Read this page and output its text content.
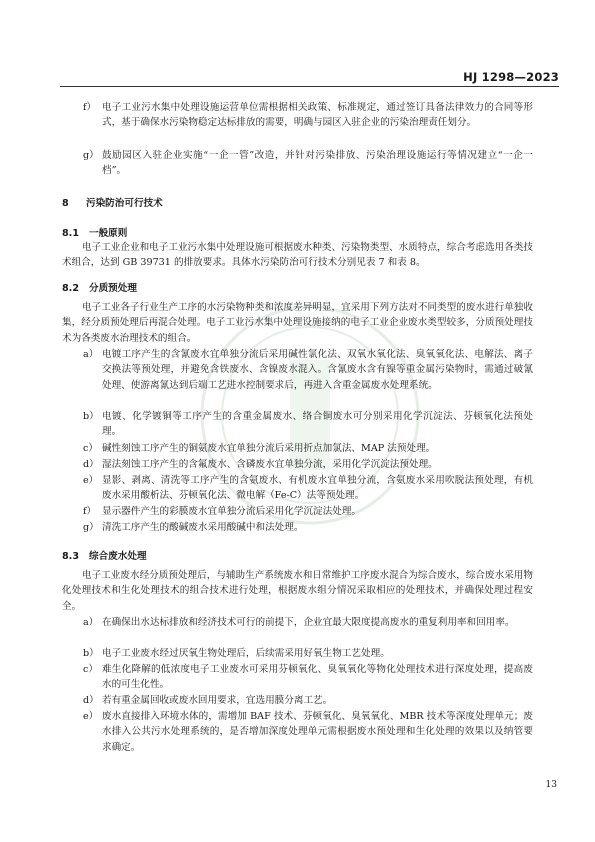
HJ 1298—2023
f） 电子工业污水集中处理设施运营单位需根据相关政策、标准规定，通过签订具备法律效力的合同等形式，基于确保水污染物稳定达标排放的需要，明确与园区入驻企业的污染治理责任划分。
g） 鼓励园区入驻企业实施“一企一管”改造，并针对污染排放、污染治理设施运行等情况建立“一企一档”。
8 污染防治可行技术
8.1 一般原则
电子工业企业和电子工业污水集中处理设施可根据废水种类、污染物类型、水质特点，综合考虑选用各类技术组合，达到 GB 39731 的排放要求。具体水污染防治可行技术分别见表 7 和表 8。
8.2 分质预处理
电子工业各子行业生产工序的水污染物种类和浓度差异明显，宜采用下列方法对不同类型的废水进行单独收集，经分质预处理后再混合处理。电子工业污水集中处理设施接纳的电子工业企业废水类型较多，分质预处理技术为各类废水治理技术的组合。
a） 电镀工序产生的含氰废水宜单独分流后采用碱性氯化法、双氧水氧化法、臭氧氧化法、电解法、离子交换法等预处理，并避免含铁废水、含镍废水混入。含氰废水含有镍等重金属污染物时，需通过破氰处理、使游离氰达到后端工艺进水控制要求后，再进入含重金属废水处理系统。
b） 电镀、化学镀铜等工序产生的含重金属废水、络合铜废水可分别采用化学沉淀法、芬顿氧化法预处理。
c） 碱性刻蚀工序产生的铜氨废水宜单独分流后采用折点加氯法、MAP 法预处理。
d） 湿法刻蚀工序产生的含氟废水、含磷废水宜单独分流，采用化学沉淀法预处理。
e） 显影、剥离、清洗等工序产生的含氨废水、有机废水宜单独分流，含氨废水采用吹脱法预处理，有机废水采用酸析法、芬顿氧化法、微电解（Fe-C）法等预处理。
f） 显示器件产生的彩膜废水宜单独分流后采用化学沉淀法处理。
g） 清洗工序产生的酸碱废水采用酸碱中和法处理。
8.3 综合废水处理
电子工业废水经分质预处理后，与辅助生产系统废水和日常维护工序废水混合为综合废水，综合废水采用物化处理技术和生化处理技术的组合技术进行处理，根据废水组分情况采取相应的处理技术，并确保处理过程安全。
a） 在确保出水达标排放和经济技术可行的前提下，企业宜最大限度提高废水的重复利用率和回用率。
b） 电子工业废水经过厌氧生物处理后，后续需采用好氧生物工艺处理。
c） 难生化降解的低浓度电子工业废水可采用芬顿氧化、臭氧氧化等物化处理技术进行深度处理，提高废水的可生化性。
d） 若有重金属回收或废水回用要求，宜选用膜分离工艺。
e） 废水直接排入环境水体的，需增加 BAF 技术、芬顿氧化、臭氧氧化、MBR 技术等深度处理单元；废水排入公共污水处理系统的，是否增加深度处理单元需根据废水预处理和生化处理的效果以及纳管要求确定。
13
